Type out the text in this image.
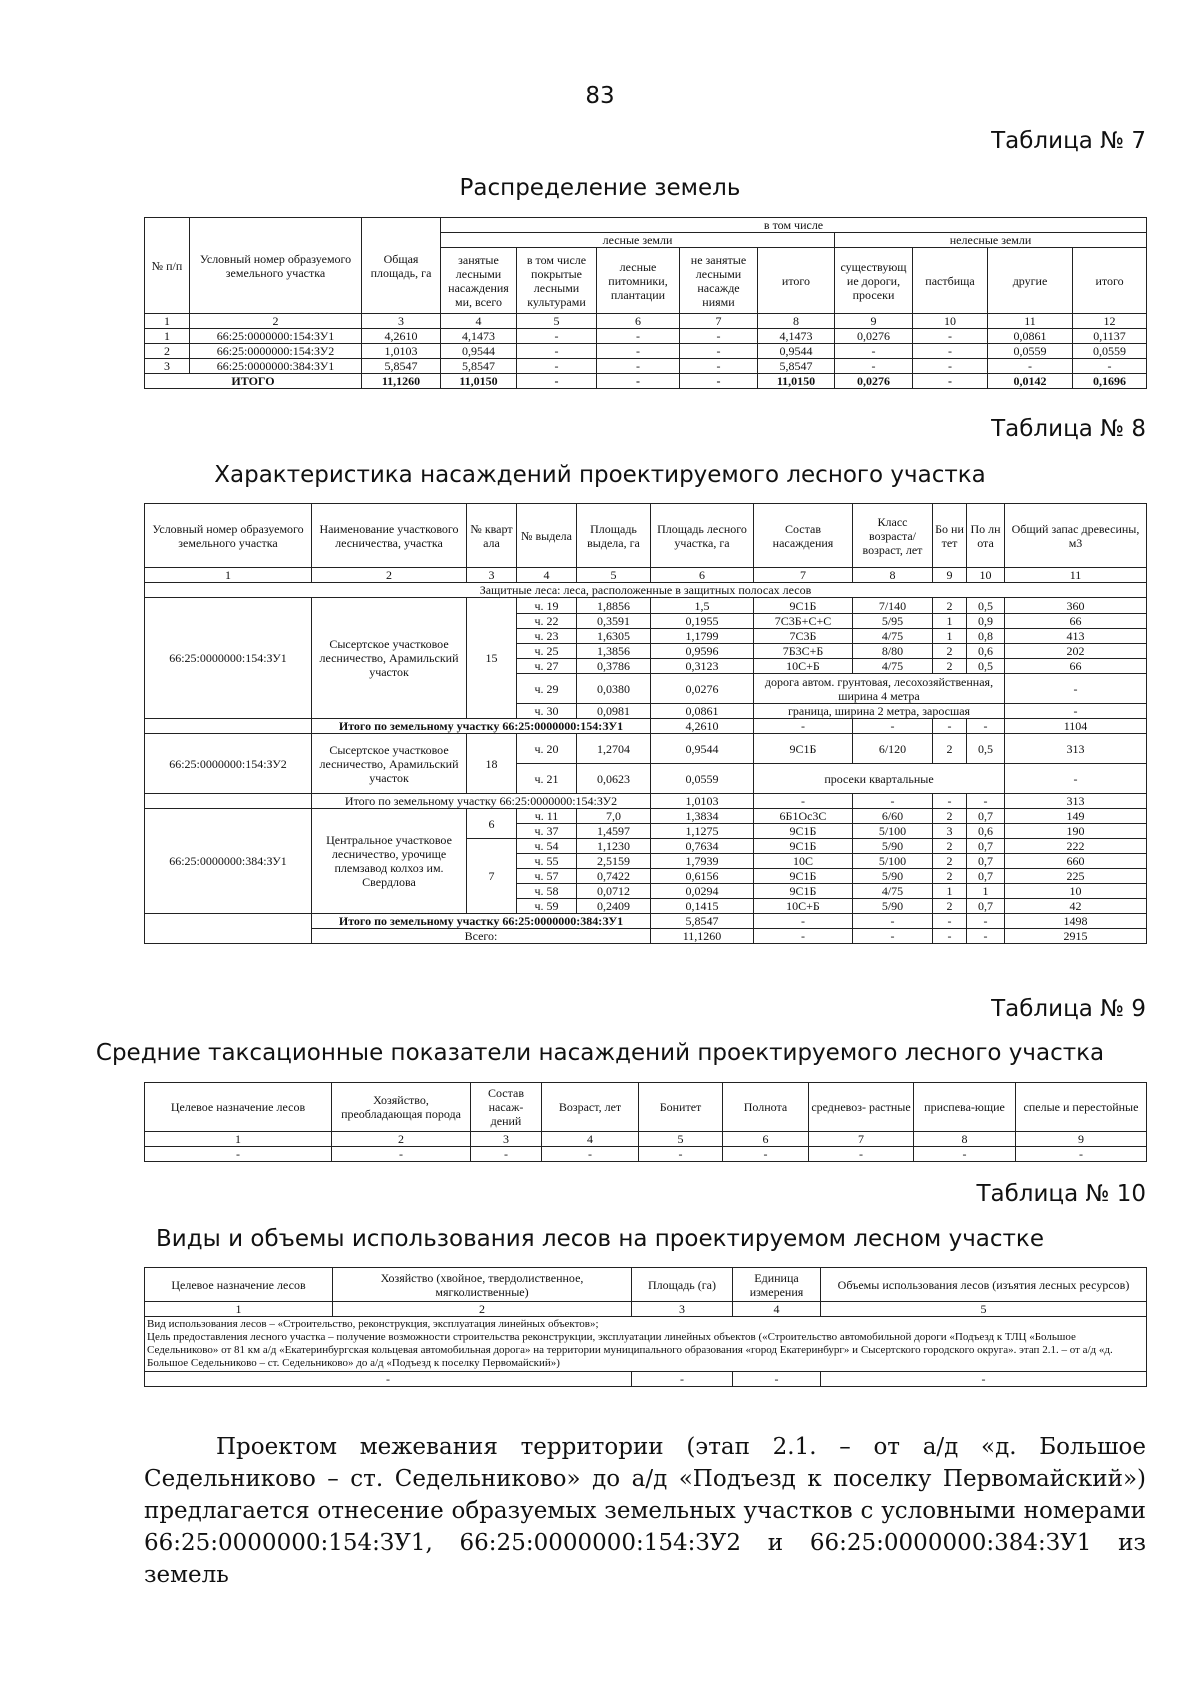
83
Таблица № 7
Распределение земель
№ п/п	Условный номер образуемого земельного участка	Общая площадь, га	в том числе								
			лесные земли					нелесные земли			
			занятые лесными насаждения ми, всего	в том числе покрытые лесными культурами	лесные питомники, плантации	не занятые лесными насажде ниями	итого	существующ ие дороги, просеки	пастбища	другие	итого
1	2	3	4	5	6	7	8	9	10	11	12
1	66:25:0000000:154:ЗУ1	4,2610	4,1473	-	-	-	4,1473	0,0276	-	0,0861	0,1137
2	66:25:0000000:154:ЗУ2	1,0103	0,9544	-	-	-	0,9544	-	-	0,0559	0,0559
3	66:25:0000000:384:ЗУ1	5,8547	5,8547	-	-	-	5,8547	-	-	-	-
ИТОГО		11,1260	11,0150	-	-	-	11,0150	0,0276	-	0,0142	0,1696
Таблица № 8
Характеристика насаждений проектируемого лесного участка
Условный номер образуемого земельного участка	Наименование участкового лесничества, участка	№ кварт ала	№ выдела	Площадь выдела, га	Площадь лесного участка, га	Состав насаждения	Класс возраста/ возраст, лет	Бо ни тет	По лн ота	Общий запас древесины, м3
1	2	3	4	5	6	7	8	9	10	11
Защитные леса: леса, расположенные в защитных полосах лесов										
66:25:0000000:154:ЗУ1	Сысертское участковое лесничество, Арамильский участок	15	ч. 19	1,8856	1,5	9С1Б	7/140	2	0,5	360
			ч. 22	0,3591	0,1955	7С3Б+С+С	5/95	1	0,9	66
			ч. 23	1,6305	1,1799	7С3Б	4/75	1	0,8	413
			ч. 25	1,3856	0,9596	7Б3С+Б	8/80	2	0,6	202
			ч. 27	0,3786	0,3123	10С+Б	4/75	2	0,5	66
			ч. 29	0,0380	0,0276	дорога автом. грунтовая, лесохозяйственная, ширина 4 метра				-
			ч. 30	0,0981	0,0861	граница, ширина 2 метра, заросшая				-
	Итого по земельному участку 66:25:0000000:154:ЗУ1				4,2610	-	-	-	-	1104
66:25:0000000:154:ЗУ2	Сысертское участковое лесничество, Арамильский участок	18	ч. 20	1,2704	0,9544	9С1Б	6/120	2	0,5	313
			ч. 21	0,0623	0,0559	просеки квартальные				-
	Итого по земельному участку 66:25:0000000:154:ЗУ2				1,0103	-	-	-	-	313
66:25:0000000:384:ЗУ1	Центральное участковое лесничество, урочище племзавод колхоз им. Свердлова	6	ч. 11	7,0	1,3834	6Б1Ос3С	6/60	2	0,7	149
			ч. 37	1,4597	1,1275	9С1Б	5/100	3	0,6	190
		7	ч. 54	1,1230	0,7634	9С1Б	5/90	2	0,7	222
			ч. 55	2,5159	1,7939	10С	5/100	2	0,7	660
			ч. 57	0,7422	0,6156	9С1Б	5/90	2	0,7	225
			ч. 58	0,0712	0,0294	9С1Б	4/75	1	1	10
			ч. 59	0,2409	0,1415	10С+Б	5/90	2	0,7	42
	Итого по земельному участку 66:25:0000000:384:ЗУ1				5,8547	-	-	-	-	1498
	Всего:				11,1260	-	-	-	-	2915
Таблица № 9
Средние таксационные показатели насаждений проектируемого лесного участка
Целевое назначение лесов	Хозяйство, преобладающая порода	Состав насаж- дений	Возраст, лет	Бонитет	Полнота	средневоз- растные	приспева-ющие	спелые и перестойные
1	2	3	4	5	6	7	8	9
-	-	-	-	-	-	-	-	-
Таблица № 10
Виды и объемы использования лесов на проектируемом лесном участке
Целевое назначение лесов	Хозяйство (хвойное, твердолиственное, мягколиственные)	Площадь (га)	Единица измерения	Объемы использования лесов (изъятия лесных ресурсов)
1	2	3	4	5

Вид использования лесов – «Строительство, реконструкция, эксплуатация линейных объектов»;
Цель предоставления лесного участка – получение возможности строительства реконструкции, эксплуатации линейных объектов («Строительство автомобильной дороги «Подъезд к ТЛЦ «Большое Седельниково» от 81 км а/д «Екатеринбургская кольцевая автомобильная дорога» на территории муниципального образования «город Екатеринбург» и Сысертского городского округа». этап 2.1. – от а/д «д. Большое Седельниково – ст. Седельниково» до а/д «Подъезд к поселку Первомайский»)				

-		-	-	-

Проектом межевания территории (этап 2.1. – от а/д «д. Большое Седельниково – ст. Седельниково» до а/д «Подъезд к поселку Первомайский») предлагается отнесение образуемых земельных участков с условными номерами 66:25:0000000:154:ЗУ1, 66:25:0000000:154:ЗУ2 и 66:25:0000000:384:ЗУ1 из земель
